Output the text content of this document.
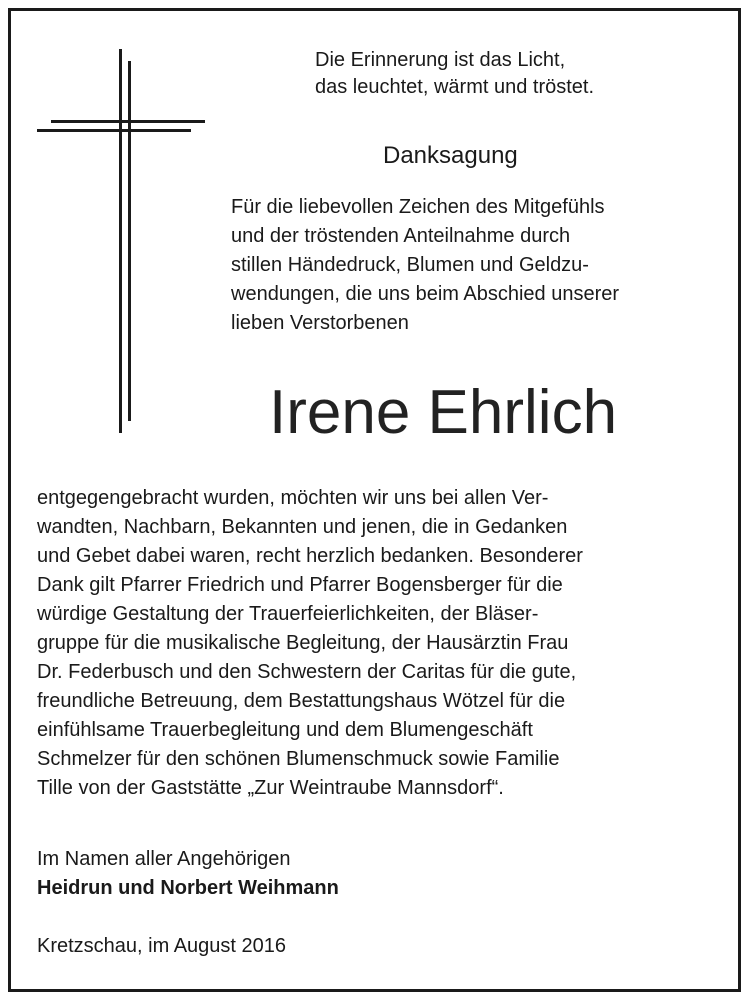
Die Erinnerung ist das Licht,
das leuchtet, wärmt und tröstet.
Danksagung
Für die liebevollen Zeichen des Mitgefühls
und der tröstenden Anteilnahme durch
stillen Händedruck, Blumen und Geldzu-
wendungen, die uns beim Abschied unserer
lieben Verstorbenen
Irene Ehrlich
entgegengebracht wurden, möchten wir uns bei allen Ver-
wandten, Nachbarn, Bekannten und jenen, die in Gedanken
und Gebet dabei waren, recht herzlich bedanken. Besonderer
Dank gilt Pfarrer Friedrich und Pfarrer Bogensberger für die
würdige Gestaltung der Trauerfeierlichkeiten, der Bläser-
gruppe für die musikalische Begleitung, der Hausärztin Frau
Dr. Federbusch und den Schwestern der Caritas für die gute,
freundliche Betreuung, dem Bestattungshaus Wötzel für die
einfühlsame Trauerbegleitung und dem Blumengeschäft
Schmelzer für den schönen Blumenschmuck sowie Familie
Tille von der Gaststätte „Zur Weintraube Mannsdorf“.
Im Namen aller Angehörigen
Heidrun und Norbert Weihmann
Kretzschau, im August 2016
